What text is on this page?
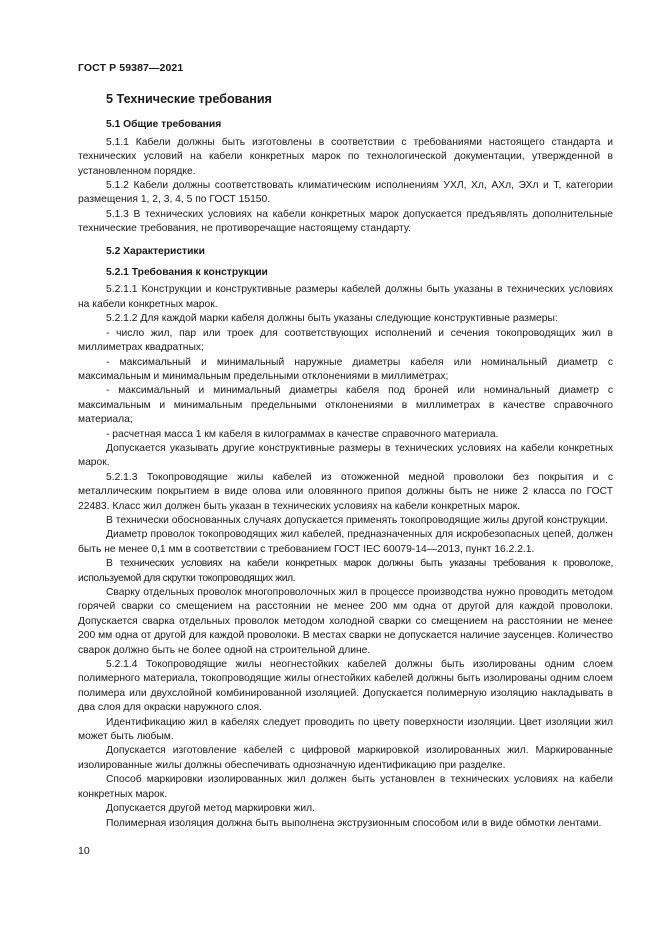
ГОСТ Р 59387—2021
5 Технические требования
5.1 Общие требования
5.1.1 Кабели должны быть изготовлены в соответствии с требованиями настоящего стандарта и технических условий на кабели конкретных марок по технологической документации, утвержденной в установленном порядке.
5.1.2 Кабели должны соответствовать климатическим исполнениям УХЛ, Хл, АХл, ЭХл и Т, категории размещения 1, 2, 3, 4, 5 по ГОСТ 15150.
5.1.3 В технических условиях на кабели конкретных марок допускается предъявлять дополнительные технические требования, не противоречащие настоящему стандарту.
5.2 Характеристики
5.2.1 Требования к конструкции
5.2.1.1 Конструкции и конструктивные размеры кабелей должны быть указаны в технических условиях на кабели конкретных марок.
5.2.1.2 Для каждой марки кабеля должны быть указаны следующие конструктивные размеры:
- число жил, пар или троек для соответствующих исполнений и сечения токопроводящих жил в миллиметрах квадратных;
- максимальный и минимальный наружные диаметры кабеля или номинальный диаметр с максимальным и минимальным предельными отклонениями в миллиметрах;
- максимальный и минимальный диаметры кабеля под броней или номинальный диаметр с максимальным и минимальным предельными отклонениями в миллиметрах в качестве справочного материала;
- расчетная масса 1 км кабеля в килограммах в качестве справочного материала.
Допускается указывать другие конструктивные размеры в технических условиях на кабели конкретных марок.
5.2.1.3 Токопроводящие жилы кабелей из отожженной медной проволоки без покрытия и с металлическим покрытием в виде олова или оловянного припоя должны быть не ниже 2 класса по ГОСТ 22483. Класс жил должен быть указан в технических условиях на кабели конкретных марок.
В технически обоснованных случаях допускается применять токопроводящие жилы другой конструкции.
Диаметр проволок токопроводящих жил кабелей, предназначенных для искробезопасных цепей, должен быть не менее 0,1 мм в соответствии с требованием ГОСТ IEC 60079-14—2013, пункт 16.2.2.1.
В технических условиях на кабели конкретных марок должны быть указаны требования к проволоке, используемой для скрутки токопроводящих жил.
Сварку отдельных проволок многопроволочных жил в процессе производства нужно проводить методом горячей сварки со смещением на расстоянии не менее 200 мм одна от другой для каждой проволоки. Допускается сварка отдельных проволок методом холодной сварки со смещением на расстоянии не менее 200 мм одна от другой для каждой проволоки. В местах сварки не допускается наличие заусенцев. Количество сварок должно быть не более одной на строительной длине.
5.2.1.4 Токопроводящие жилы неогнестойких кабелей должны быть изолированы одним слоем полимерного материала, токопроводящие жилы огнестойких кабелей должны быть изолированы одним слоем полимера или двухслойной комбинированной изоляцией. Допускается полимерную изоляцию накладывать в два слоя для окраски наружного слоя.
Идентификацию жил в кабелях следует проводить по цвету поверхности изоляции. Цвет изоляции жил может быть любым.
Допускается изготовление кабелей с цифровой маркировкой изолированных жил. Маркированные изолированные жилы должны обеспечивать однозначную идентификацию при разделке.
Способ маркировки изолированных жил должен быть установлен в технических условиях на кабели конкретных марок.
Допускается другой метод маркировки жил.
Полимерная изоляция должна быть выполнена экструзионным способом или в виде обмотки лентами.
10
